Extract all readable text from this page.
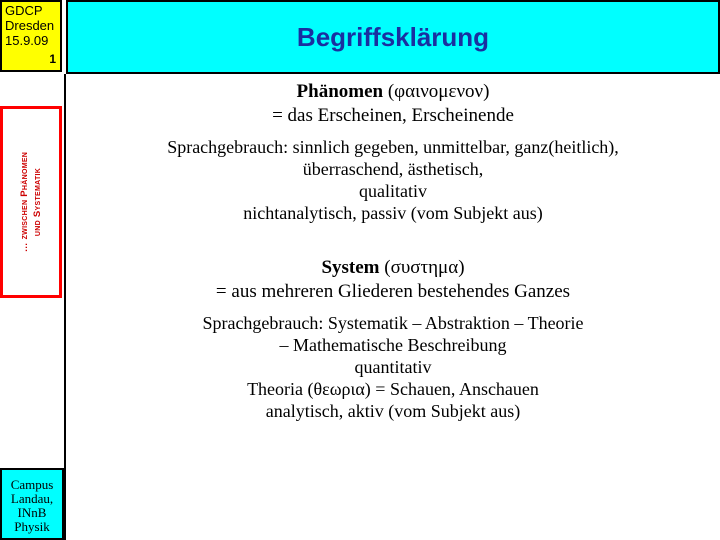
GDCP
Dresden
15.9.09
1
Begriffsklärung
… zwischen Phänomen und Systematik
Campus
Landau,
INnB
Physik

Phänomen (φαινομενον)

= das Erscheinen, Erscheinende

Sprachgebrauch: sinnlich gegeben, unmittelbar, ganz(heitlich),

überraschend, ästhetisch,

qualitativ

nichtanalytisch, passiv (vom Subjekt aus)

System (συστημα)

= aus mehreren Gliederen bestehendes Ganzes

Sprachgebrauch: Systematik – Abstraktion – Theorie

– Mathematische Beschreibung

quantitativ

Theoria (θεωρια) = Schauen, Anschauen

analytisch, aktiv (vom Subjekt aus)
